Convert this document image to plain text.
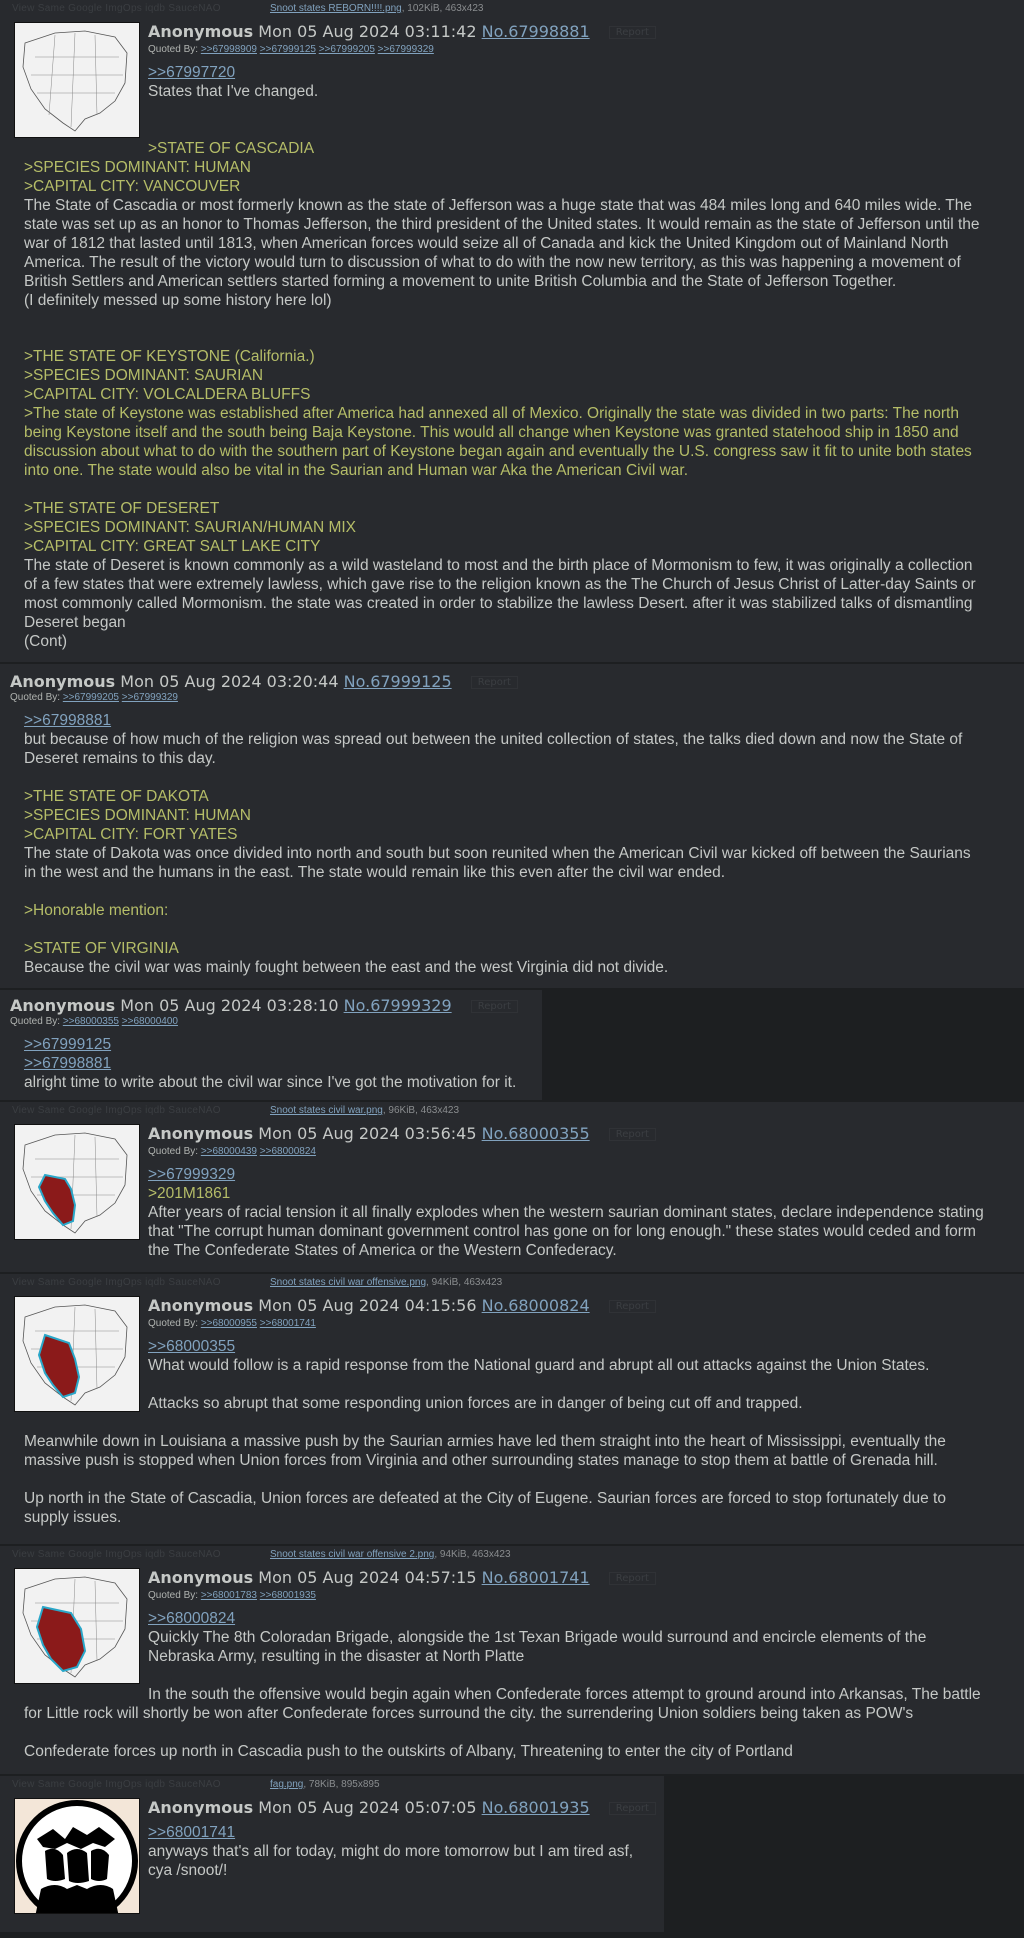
View Same Google ImgOps iqdb SauceNAO	Snoot states REBORN!!!!.png, 102KiB, 463x423
Anonymous Mon 05 Aug 2024 03:11:42 No.67998881	Report
Quoted By: >>67998909 >>67999125 >>67999205 >>67999329
>>67997720
States that I've changed.
>STATE OF CASCADIA
>SPECIES DOMINANT: HUMAN
>CAPITAL CITY: VANCOUVER
The State of Cascadia or most formerly known as the state of Jefferson was a huge state that was 484 miles long and 640 miles wide. The
state was set up as an honor to Thomas Jefferson, the third president of the United states. It would remain as the state of Jefferson until the
war of 1812 that lasted until 1813, when American forces would seize all of Canada and kick the United Kingdom out of Mainland North
America. The result of the victory would turn to discussion of what to do with the now new territory, as this was happening a movement of
British Settlers and American settlers started forming a movement to unite British Columbia and the State of Jefferson Together.
(I definitely messed up some history here lol)
>THE STATE OF KEYSTONE (California.)
>SPECIES DOMINANT: SAURIAN
>CAPITAL CITY: VOLCALDERA BLUFFS
>The state of Keystone was established after America had annexed all of Mexico. Originally the state was divided in two parts: The north
being Keystone itself and the south being Baja Keystone. This would all change when Keystone was granted statehood ship in 1850 and
discussion about what to do with the southern part of Keystone began again and eventually the U.S. congress saw it fit to unite both states
into one. The state would also be vital in the Saurian and Human war Aka the American Civil war.
>THE STATE OF DESERET
>SPECIES DOMINANT: SAURIAN/HUMAN MIX
>CAPITAL CITY: GREAT SALT LAKE CITY
The state of Deseret is known commonly as a wild wasteland to most and the birth place of Mormonism to few, it was originally a collection
of a few states that were extremely lawless, which gave rise to the religion known as the The Church of Jesus Christ of Latter-day Saints or
most commonly called Mormonism. the state was created in order to stabilize the lawless Desert. after it was stabilized talks of dismantling
Deseret began
(Cont)
Anonymous Mon 05 Aug 2024 03:20:44 No.67999125	Report
Quoted By: >>67999205 >>67999329
>>67998881
but because of how much of the religion was spread out between the united collection of states, the talks died down and now the State of
Deseret remains to this day.
>THE STATE OF DAKOTA
>SPECIES DOMINANT: HUMAN
>CAPITAL CITY: FORT YATES
The state of Dakota was once divided into north and south but soon reunited when the American Civil war kicked off between the Saurians
in the west and the humans in the east. The state would remain like this even after the civil war ended.
>Honorable mention:
>STATE OF VIRGINIA
Because the civil war was mainly fought between the east and the west Virginia did not divide.
Anonymous Mon 05 Aug 2024 03:28:10 No.67999329	Report
Quoted By: >>68000355 >>68000400
>>67999125
>>67998881
alright time to write about the civil war since I've got the motivation for it.
View Same Google ImgOps iqdb SauceNAO	Snoot states civil war.png, 96KiB, 463x423
Anonymous Mon 05 Aug 2024 03:56:45 No.68000355	Report
Quoted By: >>68000439 >>68000824
>>67999329
>201M1861
After years of racial tension it all finally explodes when the western saurian dominant states, declare independence stating
that "The corrupt human dominant government control has gone on for long enough." these states would ceded and form
the The Confederate States of America or the Western Confederacy.
View Same Google ImgOps iqdb SauceNAO	Snoot states civil war offensive.png, 94KiB, 463x423
Anonymous Mon 05 Aug 2024 04:15:56 No.68000824	Report
Quoted By: >>68000955 >>68001741
>>68000355
What would follow is a rapid response from the National guard and abrupt all out attacks against the Union States.
Attacks so abrupt that some responding union forces are in danger of being cut off and trapped.
Meanwhile down in Louisiana a massive push by the Saurian armies have led them straight into the heart of Mississippi, eventually the
massive push is stopped when Union forces from Virginia and other surrounding states manage to stop them at battle of Grenada hill.
Up north in the State of Cascadia, Union forces are defeated at the City of Eugene. Saurian forces are forced to stop fortunately due to
supply issues.
View Same Google ImgOps iqdb SauceNAO	Snoot states civil war offensive 2.png, 94KiB, 463x423
Anonymous Mon 05 Aug 2024 04:57:15 No.68001741	Report
Quoted By: >>68001783 >>68001935
>>68000824
Quickly The 8th Coloradan Brigade, alongside the 1st Texan Brigade would surround and encircle elements of the
Nebraska Army, resulting in the disaster at North Platte
In the south the offensive would begin again when Confederate forces attempt to ground around into Arkansas, The battle
for Little rock will shortly be won after Confederate forces surround the city. the surrendering Union soldiers being taken as POW's
Confederate forces up north in Cascadia push to the outskirts of Albany, Threatening to enter the city of Portland
View Same Google ImgOps iqdb SauceNAO	fag.png, 78KiB, 895x895
Anonymous Mon 05 Aug 2024 05:07:05 No.68001935	Report
>>68001741
anyways that's all for today, might do more tomorrow but I am tired asf,
cya /snoot/!
